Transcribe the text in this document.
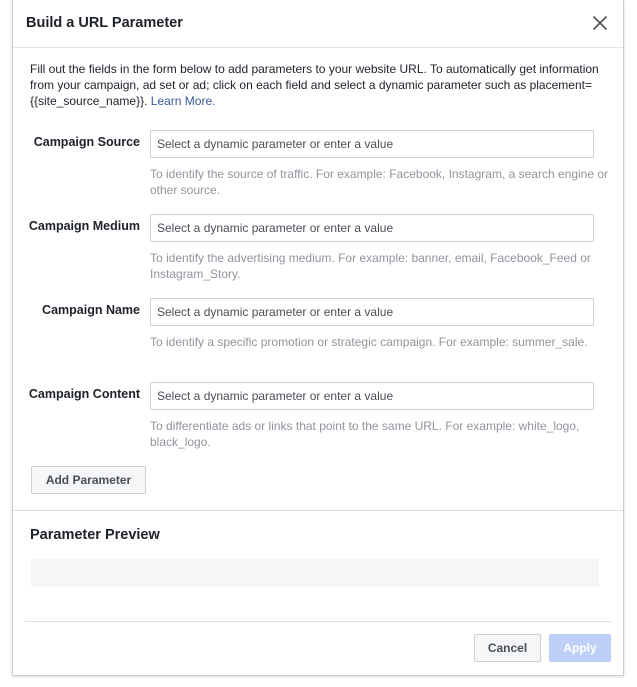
Build a URL Parameter
Fill out the fields in the form below to add parameters to your website URL. To automatically get information from your campaign, ad set or ad; click on each field and select a dynamic parameter such as placement={{site_source_name}}. Learn More.
Campaign Source
Select a dynamic parameter or enter a value
To identify the source of traffic. For example: Facebook, Instagram, a search engine or other source.
Campaign Medium
Select a dynamic parameter or enter a value
To identify the advertising medium. For example: banner, email, Facebook_Feed or Instagram_Story.
Campaign Name
Select a dynamic parameter or enter a value
To identify a specific promotion or strategic campaign. For example: summer_sale.
Campaign Content
Select a dynamic parameter or enter a value
To differentiate ads or links that point to the same URL. For example: white_logo, black_logo.
Add Parameter
Parameter Preview
Cancel	Apply
